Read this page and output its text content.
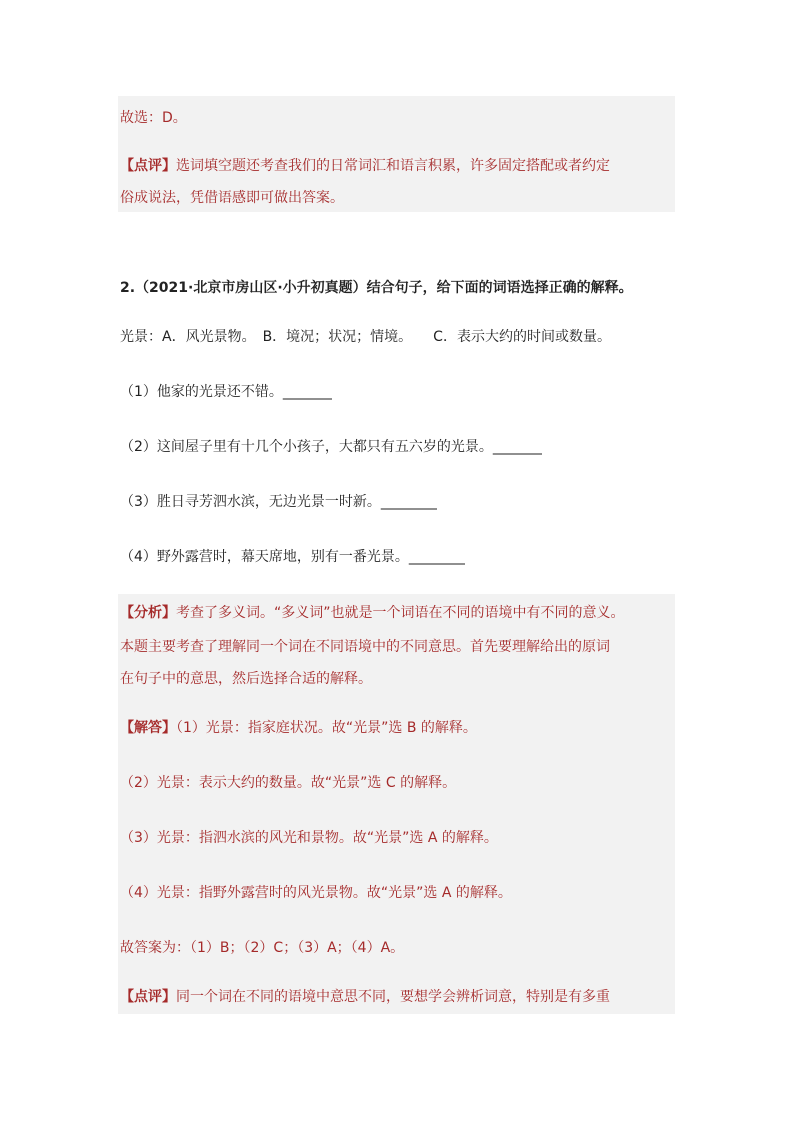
故选：D。
【点评】选词填空题还考查我们的日常词汇和语言积累，许多固定搭配或者约定
俗成说法，凭借语感即可做出答案。
2.（2021·北京市房山区·小升初真题）结合句子，给下面的词语选择正确的解释。
光景：A．风光景物。　B．境况；状况；情境。　　C．表示大约的时间或数量。
（1）他家的光景还不错。_______
（2）这间屋子里有十几个小孩子，大都只有五六岁的光景。_______
（3）胜日寻芳泗水滨，无边光景一时新。________
（4）野外露营时，幕天席地，别有一番光景。________
【分析】考查了多义词。“多义词”也就是一个词语在不同的语境中有不同的意义。
本题主要考查了理解同一个词在不同语境中的不同意思。首先要理解给出的原词
在句子中的意思，然后选择合适的解释。
【解答】（1）光景：指家庭状况。故“光景”选 B 的解释。
（2）光景：表示大约的数量。故“光景”选 C 的解释。
（3）光景：指泗水滨的风光和景物。故“光景”选 A 的解释。
（4）光景：指野外露营时的风光景物。故“光景”选 A 的解释。
故答案为：（1）B；（2）C；（3）A；（4）A。
【点评】同一个词在不同的语境中意思不同，要想学会辨析词意，特别是有多重
